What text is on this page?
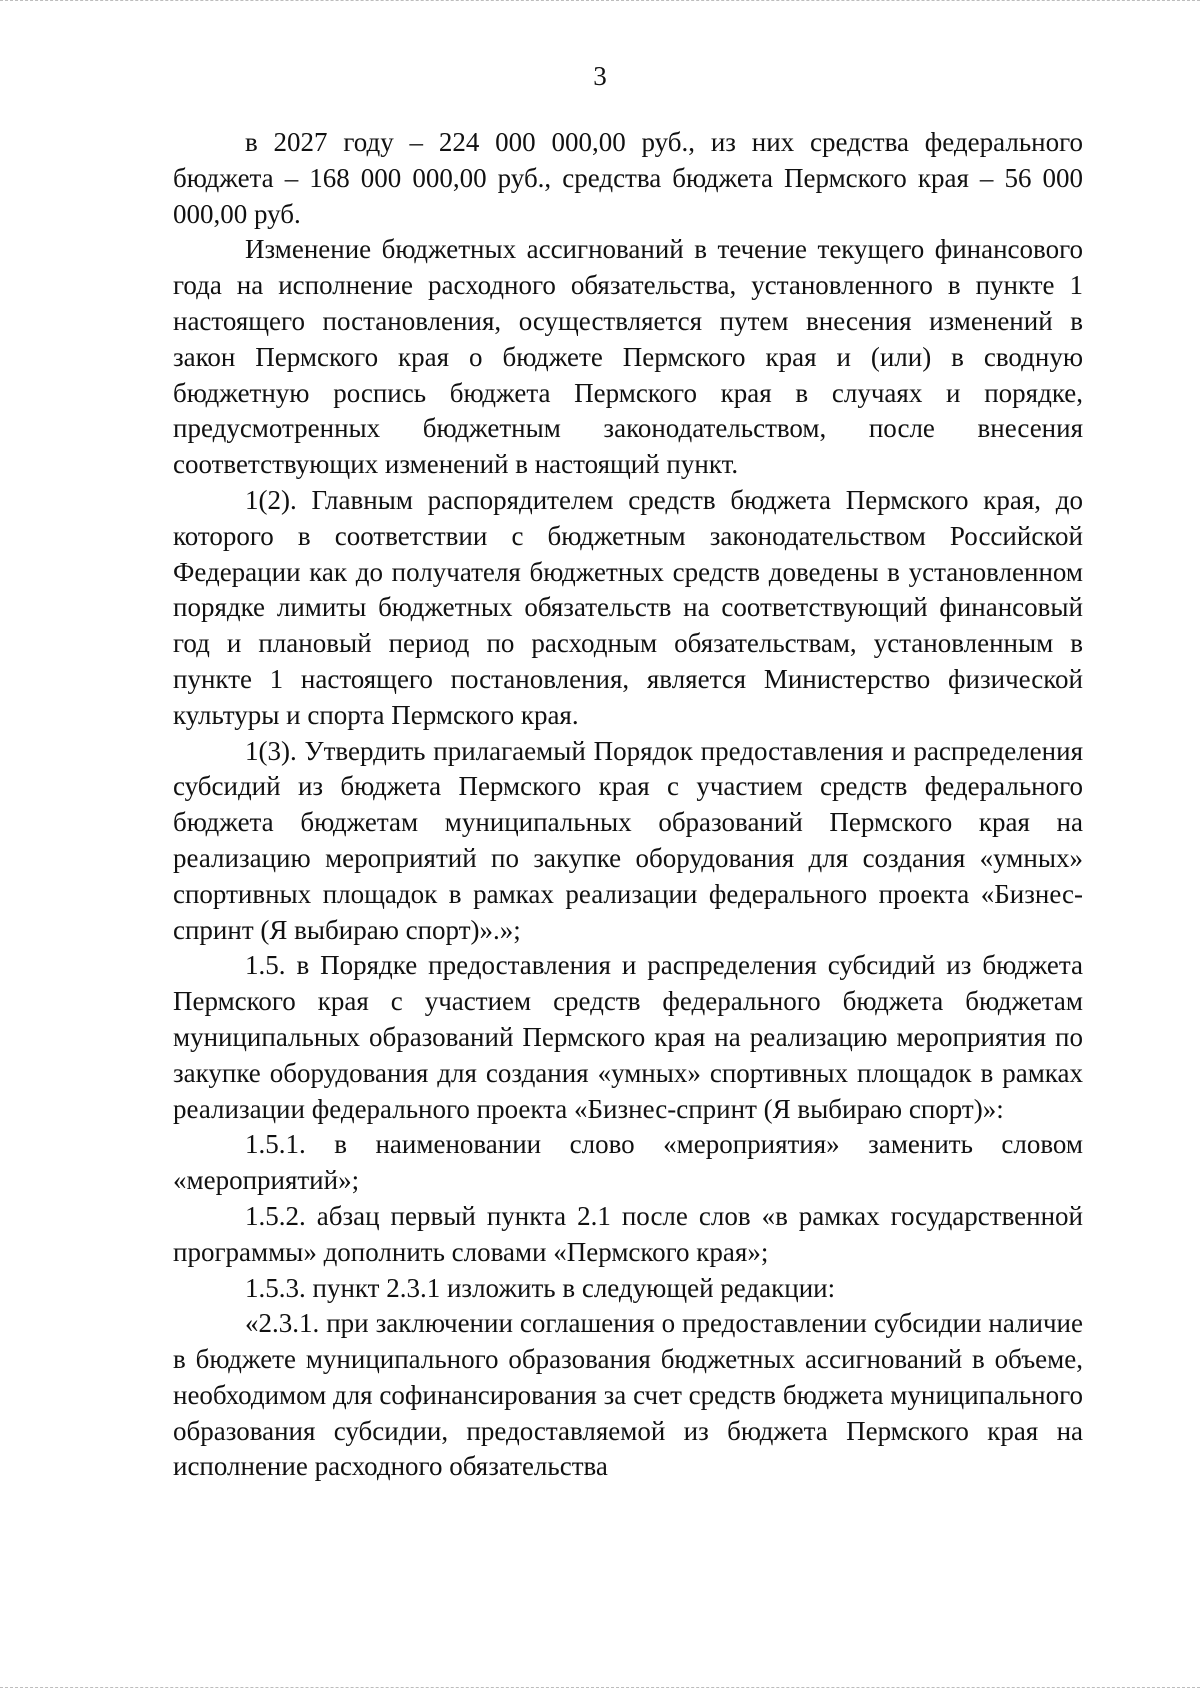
3

в 2027 году – 224 000 000,00 руб., из них средства федерального бюджета – 168 000 000,00 руб., средства бюджета Пермского края – 56 000 000,00 руб.

Изменение бюджетных ассигнований в течение текущего финансового года на исполнение расходного обязательства, установленного в пункте 1 настоящего постановления, осуществляется путем внесения изменений в закон Пермского края о бюджете Пермского края и (или) в сводную бюджетную роспись бюджета Пермского края в случаях и порядке, предусмотренных бюджетным законодательством, после внесения соответствующих изменений в настоящий пункт.

1(2). Главным распорядителем средств бюджета Пермского края, до которого в соответствии с бюджетным законодательством Российской Федерации как до получателя бюджетных средств доведены в установленном порядке лимиты бюджетных обязательств на соответствующий финансовый год и плановый период по расходным обязательствам, установленным в пункте 1 настоящего постановления, является Министерство физической культуры и спорта Пермского края.

1(3). Утвердить прилагаемый Порядок предоставления и распределения субсидий из бюджета Пермского края с участием средств федерального бюджета бюджетам муниципальных образований Пермского края на реализацию мероприятий по закупке оборудования для создания «умных» спортивных площадок в рамках реализации федерального проекта «Бизнес-спринт (Я выбираю спорт)».»;

1.5. в Порядке предоставления и распределения субсидий из бюджета Пермского края с участием средств федерального бюджета бюджетам муниципальных образований Пермского края на реализацию мероприятия по закупке оборудования для создания «умных» спортивных площадок в рамках реализации федерального проекта «Бизнес-спринт (Я выбираю спорт)»:

1.5.1. в наименовании слово «мероприятия» заменить словом «мероприятий»;

1.5.2. абзац первый пункта 2.1 после слов «в рамках государственной программы» дополнить словами «Пермского края»;

1.5.3. пункт 2.3.1 изложить в следующей редакции:

«2.3.1. при заключении соглашения о предоставлении субсидии наличие в бюджете муниципального образования бюджетных ассигнований в объеме, необходимом для софинансирования за счет средств бюджета муниципального образования субсидии, предоставляемой из бюджета Пермского края на исполнение расходного обязательства
